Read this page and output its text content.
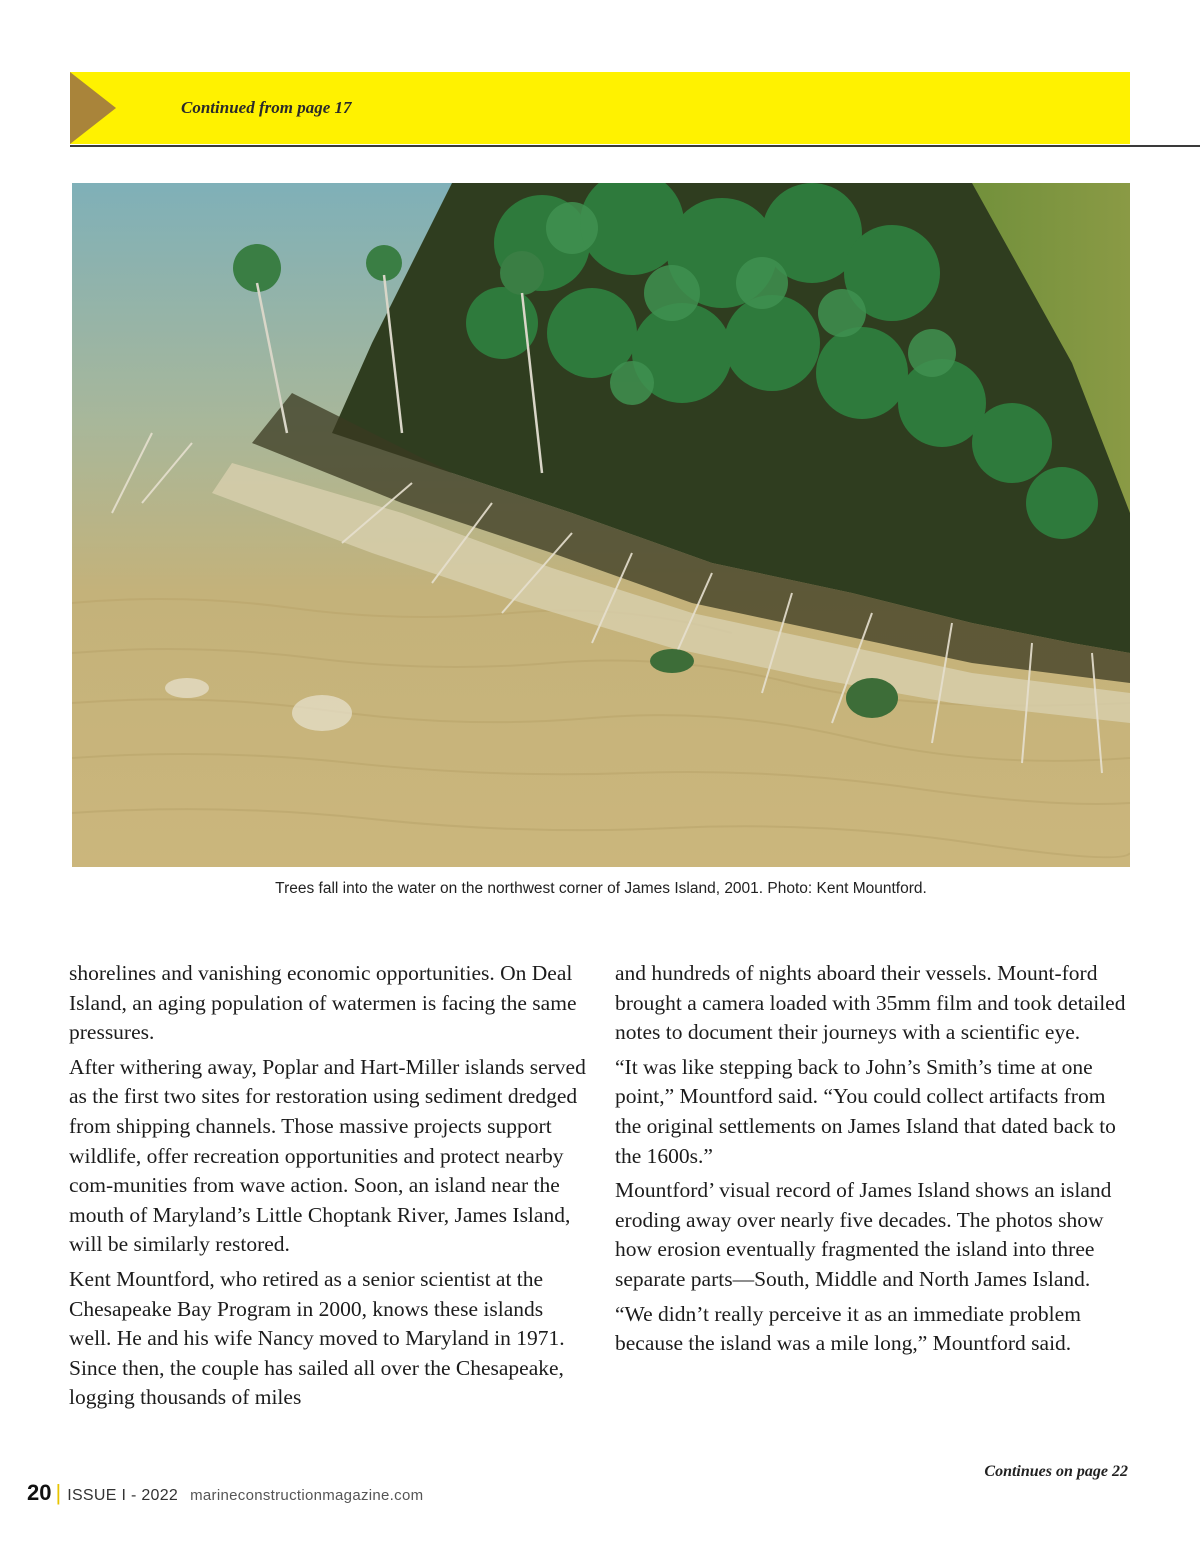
Continued from page 17
Trees fall into the water on the northwest corner of James Island, 2001. Photo: Kent Mountford.

shorelines and vanishing economic opportunities. On Deal Island, an aging population of watermen is facing the same pressures.

After withering away, Poplar and Hart-Miller islands served as the first two sites for restoration using sediment dredged from shipping channels. Those massive projects support wildlife, offer recreation opportunities and protect nearby com-munities from wave action. Soon, an island near the mouth of Maryland’s Little Choptank River, James Island, will be similarly restored.

Kent Mountford, who retired as a senior scientist at the Chesapeake Bay Program in 2000, knows these islands well. He and his wife Nancy moved to Maryland in 1971. Since then, the couple has sailed all over the Chesapeake, logging thousands of miles

and hundreds of nights aboard their vessels. Mount-ford brought a camera loaded with 35mm film and took detailed notes to document their journeys with a scientific eye.

“It was like stepping back to John’s Smith’s time at one point,” Mountford said. “You could collect artifacts from the original settlements on James Island that dated back to the 1600s.”

Mountford’ visual record of James Island shows an island eroding away over nearly five decades. The photos show how erosion eventually fragmented the island into three separate parts—South, Middle and North James Island.

“We didn’t really perceive it as an immediate problem because the island was a mile long,” Mountford said.

Continues on page 22
20 | ISSUE I - 2022 marineconstructionmagazine.com
